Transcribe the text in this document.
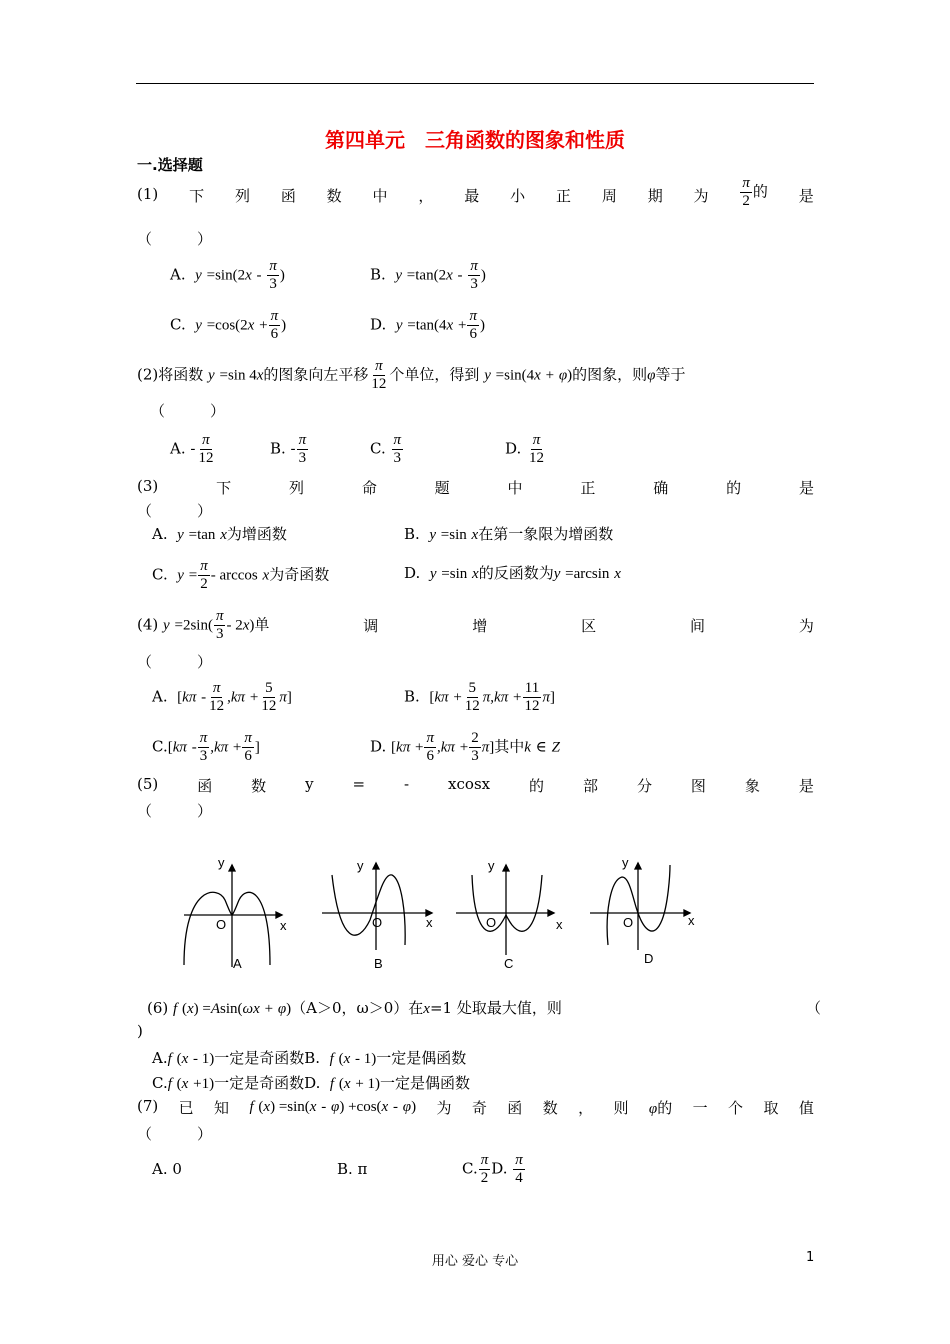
第四单元　三角函数的图象和性质
一.选择题
(1) 下 列 函 数 中 ， 最 小 正 周 期 为 $\frac{\pi}{2}$ 的 是
（　　　）
A. $y =\sin(2x - \frac{\pi}{3}$ )	B. $y =\tan(2x - \frac{\pi}{3}$ )
C. $y =\cos(2x + \frac{\pi}{6}$ )	D. $y =\tan(4x + \frac{\pi}{6}$ )
(2)将函数 y =sin 4x的图象向左平移 $\frac{\pi}{12}$ 个单位，得到 y =sin(4x + φ)的图象，则φ等于
（　　　）
A. - $\frac{\pi}{12}$	B. - $\frac{\pi}{3}$	C. $\frac{\pi}{3}$	D. $\frac{\pi}{12}$
(3)	下	列	命	题	中	正	确	的	是
（　　　）
A. y =tan x为增函数	B. y =sin x在第一象限为增函数
C. $y = \frac{\pi}{2} - \arccos x$为奇函数	D. y =sin x的反函数为y =arcsin x
(4) $y =2\sin( \frac{\pi}{3} - 2x)$单	调	增	区	间	为
（　　　）
A. $[k\pi - \frac{\pi}{12} ,k\pi + \frac{5}{12} \pi]$	B. $[k\pi + \frac{5}{12} \pi,k\pi + \frac{11}{12} \pi]$
$C.[k\pi - \frac{\pi}{3} ,k\pi + \frac{\pi}{6}$ ]	D. $[k\pi + \frac{\pi}{6} ,k\pi + \frac{2}{3} \pi]$其中k ∈ Z
(5)	函	数	y	=	-	xcosx	的	部	分	图	象	是
（　　　）
y
x
O
A
y
x
O
B
y
x
O
C
y
x
O
D
(6) f (x) =Asin(ωx + φ)（A＞0，ω＞0）在x=1 处取最大值，则	（
)
A.f (x - 1)一定是奇函数B. f (x - 1)一定是偶函数
C.f (x +1)一定是奇函数D. f (x + 1)一定是偶函数
(7) 已 知 f (x) =sin(x - φ) +cos(x - φ) 为 奇 函 数 ， 则 φ的 一 个 取 值
（　　　）
A. 0	B. π	C. $\frac{\pi}{2} D$. $\frac{\pi}{4}$
用心 爱心 专心	1
